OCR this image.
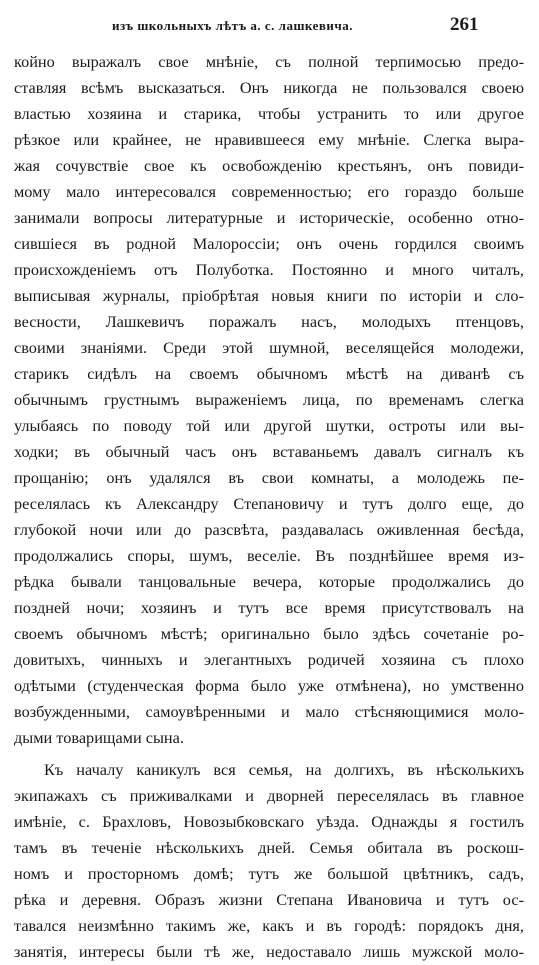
изъ школьныхъ лѣтъ а. с. лашкевича.	261
койно выражалъ свое мнѣніе, съ полной терпимосью предо-
ставляя всѣмъ высказаться. Онъ никогда не пользовался своею
властью хозяина и старика, чтобы устранить то или другое
рѣзкое или крайнее, не нравившееся ему мнѣніе. Слегка выра-
жая сочувствіе свое къ освобожденію крестьянъ, онъ повиди-
мому мало интересовался современностью; его гораздо больше
занимали вопросы литературные и историческіе, особенно отно-
сившіеся въ родной Малороссіи; онъ очень гордился своимъ
происхожденіемъ отъ Полуботка. Постоянно и много читалъ,
выписывая журналы, пріобрѣтая новыя книги по исторіи и сло-
весности, Лашкевичъ поражалъ насъ, молодыхъ птенцовъ,
своими знаніями. Среди этой шумной, веселящейся молодежи,
старикъ сидѣлъ на своемъ обычномъ мѣстѣ на диванѣ съ
обычнымъ грустнымъ выраженіемъ лица, по временамъ слегка
улыбаясь по поводу той или другой шутки, остроты или вы-
ходки; въ обычный часъ онъ вставаньемъ давалъ сигналъ къ
прощанію; онъ удалялся въ свои комнаты, а молодежь пе-
реселялась къ Александру Степановичу и тутъ долго еще, до
глубокой ночи или до разсвѣта, раздавалась оживленная бесѣда,
продолжались споры, шумъ, веселіе. Въ позднѣйшее время из-
рѣдка бывали танцовальные вечера, которые продолжались до
поздней ночи; хозяинъ и тутъ все время присутствовалъ на
своемъ обычномъ мѣстѣ; оригинально было здѣсь сочетаніе ро-
довитыхъ, чинныхъ и элегантныхъ родичей хозяина съ плохо
одѣтыми (студенческая форма было уже отмѣнена), но умственно
возбужденными, самоувѣренными и мало стѣсняющимися моло-
дыми товарищами сына.
Къ началу каникулъ вся семья, на долгихъ, въ нѣсколькихъ
экипажахъ съ приживалками и дворней переселялась въ главное
имѣніе, с. Брахловъ, Новозыбковскаго уѣзда. Однажды я гостилъ
тамъ въ теченіе нѣсколькихъ дней. Семья обитала въ роскош-
номъ и просторномъ домѣ; тутъ же большой цвѣтникъ, садъ,
рѣка и деревня. Образъ жизни Степана Ивановича и тутъ ос-
тавался неизмѣнно такимъ же, какъ и въ городѣ: порядокъ дня,
занятія, интересы были тѣ же, недоставало лишь мужской моло-
